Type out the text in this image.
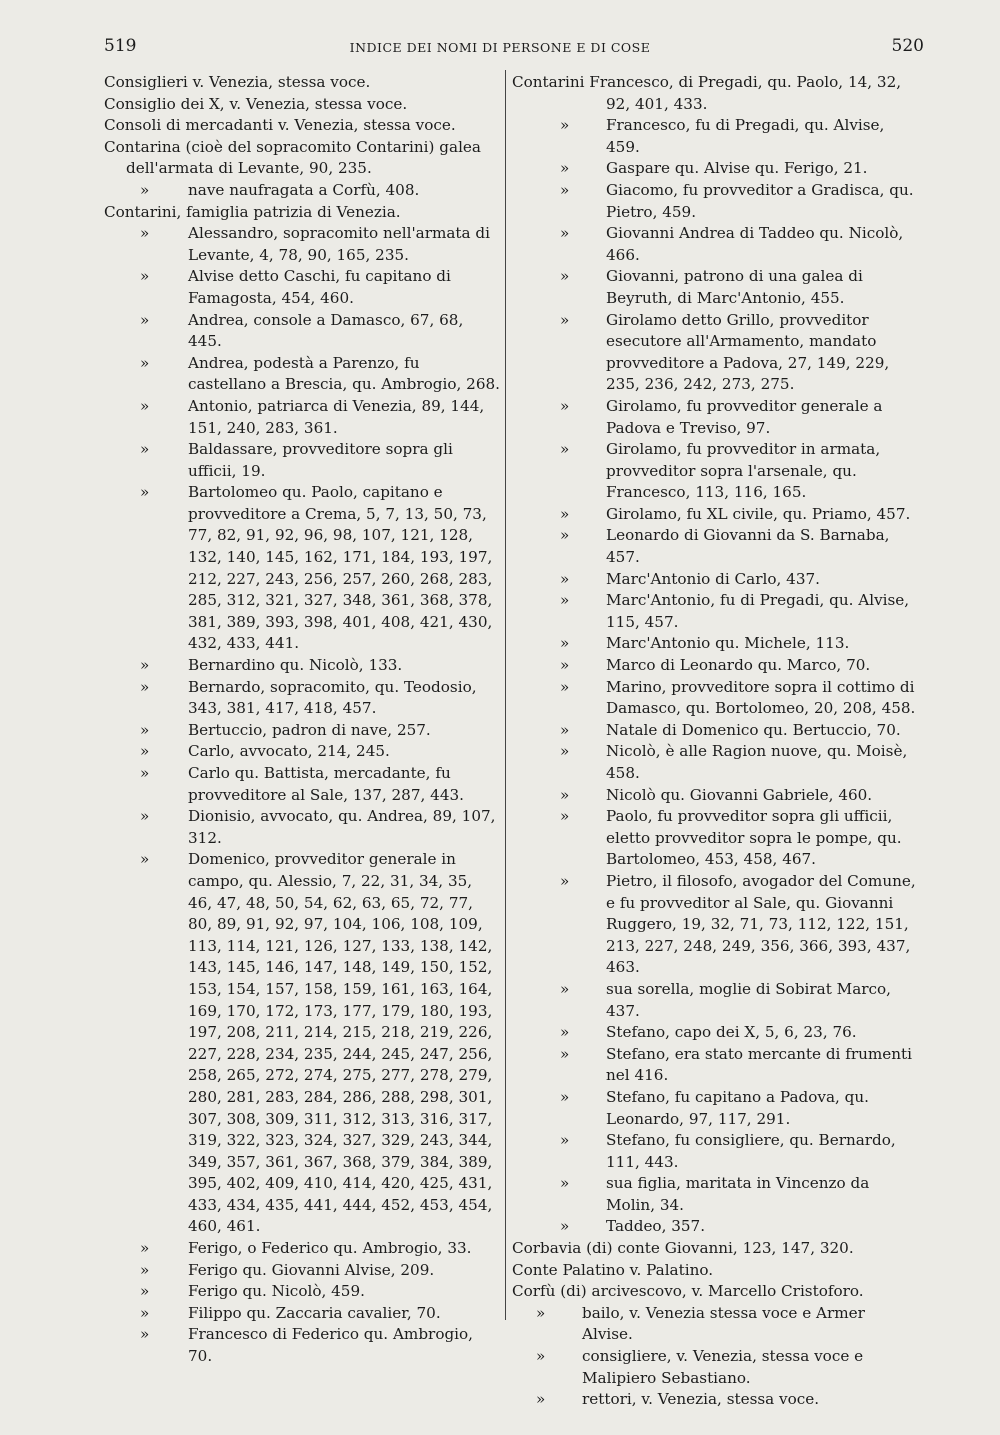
519	INDICE DEI NOMI DI PERSONE E DI COSE	520
Consiglieri v. Venezia, stessa voce.
Consiglio dei X, v. Venezia, stessa voce.
Consoli di mercadanti v. Venezia, stessa voce.
Contarina (cioè del sopracomito Contarini) galea dell'armata di Levante, 90, 235.
»	nave naufragata a Corfù, 408.
Contarini, famiglia patrizia di Venezia.
»	Alessandro, sopracomito nell'armata di Levante, 4, 78, 90, 165, 235.
»	Alvise detto Caschi, fu capitano di Famagosta, 454, 460.
»	Andrea, console a Damasco, 67, 68, 445.
»	Andrea, podestà a Parenzo, fu castellano a Brescia, qu. Ambrogio, 268.
»	Antonio, patriarca di Venezia, 89, 144, 151, 240, 283, 361.
»	Baldassare, provveditore sopra gli ufficii, 19.
»	Bartolomeo qu. Paolo, capitano e provveditore a Crema, 5, 7, 13, 50, 73, 77, 82, 91, 92, 96, 98, 107, 121, 128, 132, 140, 145, 162, 171, 184, 193, 197, 212, 227, 243, 256, 257, 260, 268, 283, 285, 312, 321, 327, 348, 361, 368, 378, 381, 389, 393, 398, 401, 408, 421, 430, 432, 433, 441.
»	Bernardino qu. Nicolò, 133.
»	Bernardo, sopracomito, qu. Teodosio, 343, 381, 417, 418, 457.
»	Bertuccio, padron di nave, 257.
»	Carlo, avvocato, 214, 245.
»	Carlo qu. Battista, mercadante, fu provveditore al Sale, 137, 287, 443.
»	Dionisio, avvocato, qu. Andrea, 89, 107, 312.
»	Domenico, provveditor generale in campo, qu. Alessio, 7, 22, 31, 34, 35, 46, 47, 48, 50, 54, 62, 63, 65, 72, 77, 80, 89, 91, 92, 97, 104, 106, 108, 109, 113, 114, 121, 126, 127, 133, 138, 142, 143, 145, 146, 147, 148, 149, 150, 152, 153, 154, 157, 158, 159, 161, 163, 164, 169, 170, 172, 173, 177, 179, 180, 193, 197, 208, 211, 214, 215, 218, 219, 226, 227, 228, 234, 235, 244, 245, 247, 256, 258, 265, 272, 274, 275, 277, 278, 279, 280, 281, 283, 284, 286, 288, 298, 301, 307, 308, 309, 311, 312, 313, 316, 317, 319, 322, 323, 324, 327, 329, 243, 344, 349, 357, 361, 367, 368, 379, 384, 389, 395, 402, 409, 410, 414, 420, 425, 431, 433, 434, 435, 441, 444, 452, 453, 454, 460, 461.
»	Ferigo, o Federico qu. Ambrogio, 33.
»	Ferigo qu. Giovanni Alvise, 209.
»	Ferigo qu. Nicolò, 459.
»	Filippo qu. Zaccaria cavalier, 70.
»	Francesco di Federico qu. Ambrogio, 70.
Contarini Francesco, di Pregadi, qu. Paolo, 14, 32, 92, 401, 433.
» Francesco, fu di Pregadi, qu. Alvise, 459.
» Gaspare qu. Alvise qu. Ferigo, 21.
» Giacomo, fu provveditor a Gradisca, qu. Pietro, 459.
» Giovanni Andrea di Taddeo qu. Nicolò, 466.
» Giovanni, patrono di una galea di Beyruth, di Marc'Antonio, 455.
» Girolamo detto Grillo, provveditor esecutore all'Armamento, mandato provveditore a Padova, 27, 149, 229, 235, 236, 242, 273, 275.
» Girolamo, fu provveditor generale a Padova e Treviso, 97.
» Girolamo, fu provveditor in armata, provveditor sopra l'arsenale, qu. Francesco, 113, 116, 165.
» Girolamo, fu XL civile, qu. Priamo, 457.
» Leonardo di Giovanni da S. Barnaba, 457.
» Marc'Antonio di Carlo, 437.
» Marc'Antonio, fu di Pregadi, qu. Alvise, 115, 457.
» Marc'Antonio qu. Michele, 113.
» Marco di Leonardo qu. Marco, 70.
» Marino, provveditore sopra il cottimo di Damasco, qu. Bortolomeo, 20, 208, 458.
» Natale di Domenico qu. Bertuccio, 70.
» Nicolò, è alle Ragion nuove, qu. Moisè, 458.
» Nicolò qu. Giovanni Gabriele, 460.
» Paolo, fu provveditor sopra gli ufficii, eletto provveditor sopra le pompe, qu. Bartolomeo, 453, 458, 467.
» Pietro, il filosofo, avogador del Comune, e fu provveditor al Sale, qu. Giovanni Ruggero, 19, 32, 71, 73, 112, 122, 151, 213, 227, 248, 249, 356, 366, 393, 437, 463.
» sua sorella, moglie di Sobirat Marco, 437.
» Stefano, capo dei X, 5, 6, 23, 76.
» Stefano, era stato mercante di frumenti nel 416.
» Stefano, fu capitano a Padova, qu. Leonardo, 97, 117, 291.
» Stefano, fu consigliere, qu. Bernardo, 111, 443.
» sua figlia, maritata in Vincenzo da Molin, 34.
» Taddeo, 357.
Corbavia (di) conte Giovanni, 123, 147, 320.
Conte Palatino v. Palatino.
Corfù (di) arcivescovo, v. Marcello Cristoforo.
» bailo, v. Venezia stessa voce e Armer Alvise.
» consigliere, v. Venezia, stessa voce e Malipiero Sebastiano.
» rettori, v. Venezia, stessa voce.
